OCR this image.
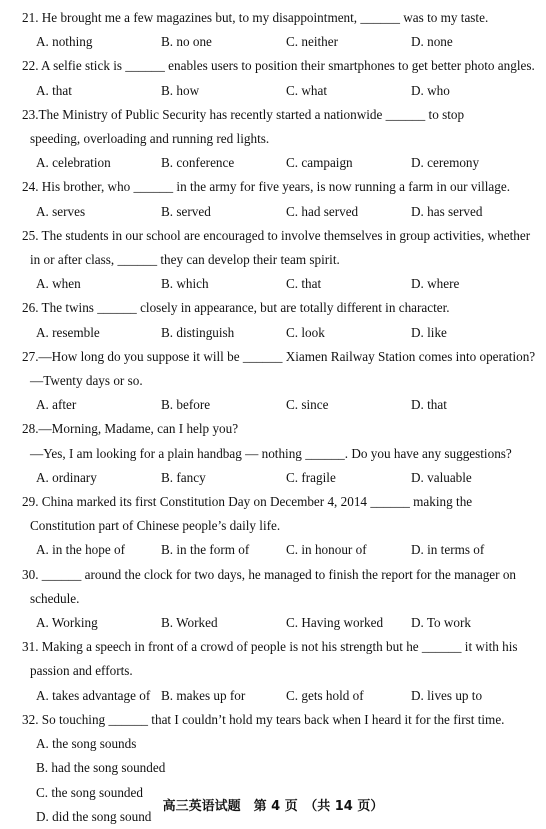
21. He brought me a few magazines but, to my disappointment, ______ was to my taste.
A. nothing	B. no one	C. neither	D. none
22. A selfie stick is ______ enables users to position their smartphones to get better photo angles.
A. that	B. how	C. what	D. who
23.The Ministry of Public Security has recently started a nationwide ______ to stop
speeding, overloading and running red lights.
A. celebration	B. conference	C. campaign	D. ceremony
24. His brother, who ______ in the army for five years, is now running a farm in our village.
A. serves	B. served	C. had served	D. has served
25. The students in our school are encouraged to involve themselves in group activities, whether
in or after class, ______ they can develop their team spirit.
A. when	B. which	C. that	D. where
26. The twins ______ closely in appearance, but are totally different in character.
A. resemble	B. distinguish	C. look	D. like
27.—How long do you suppose it will be ______ Xiamen Railway Station comes into operation?
—Twenty days or so.
A. after	B. before	C. since	D. that
28.—Morning, Madame, can I help you?
—Yes, I am looking for a plain handbag — nothing ______. Do you have any suggestions?
A. ordinary	B. fancy	C. fragile	D. valuable
29. China marked its first Constitution Day on December 4, 2014 ______ making the
Constitution part of Chinese people’s daily life.
A. in the hope of	B. in the form of	C. in honour of	D. in terms of
30. ______ around the clock for two days, he managed to finish the report for the manager on
schedule.
A. Working	B. Worked	C. Having worked	D. To work
31. Making a speech in front of a crowd of people is not his strength but he ______ it with his
passion and efforts.
A. takes advantage of B. makes up for	C. gets hold of	D. lives up to
32. So touching ______ that I couldn’t hold my tears back when I heard it for the first time.
A. the song sounds
B. had the song sounded
C. the song sounded
D. did the song sound
高三英语试题　第 4 页　（共 14 页）
